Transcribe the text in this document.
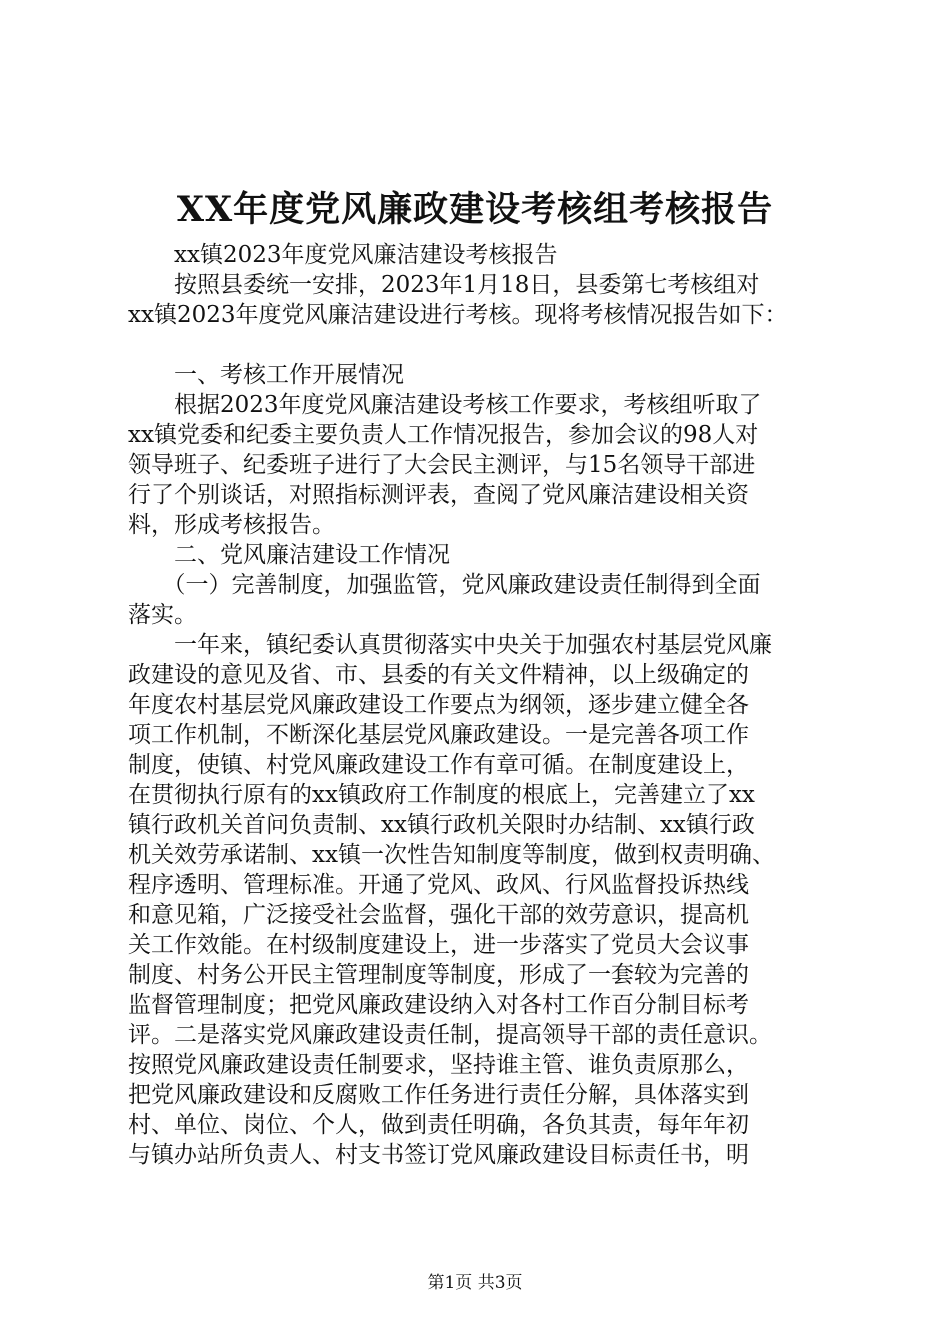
XX年度党风廉政建设考核组考核报告
　　xx镇2023年度党风廉洁建设考核报告
　　按照县委统一安排，2023年1月18日，县委第七考核组对
xx镇2023年度党风廉洁建设进行考核。现将考核情况报告如下：
　　一、考核工作开展情况
　　根据2023年度党风廉洁建设考核工作要求，考核组听取了
xx镇党委和纪委主要负责人工作情况报告，参加会议的98人对
领导班子、纪委班子进行了大会民主测评，与15名领导干部进
行了个别谈话，对照指标测评表，查阅了党风廉洁建设相关资
料，形成考核报告。
　　二、党风廉洁建设工作情况
　　（一）完善制度，加强监管，党风廉政建设责任制得到全面
落实。
　　一年来，镇纪委认真贯彻落实中央关于加强农村基层党风廉
政建设的意见及省、市、县委的有关文件精神，以上级确定的
年度农村基层党风廉政建设工作要点为纲领，逐步建立健全各
项工作机制，不断深化基层党风廉政建设。一是完善各项工作
制度，使镇、村党风廉政建设工作有章可循。在制度建设上，
在贯彻执行原有的xx镇政府工作制度的根底上，完善建立了xx
镇行政机关首问负责制、xx镇行政机关限时办结制、xx镇行政
机关效劳承诺制、xx镇一次性告知制度等制度，做到权责明确、
程序透明、管理标准。开通了党风、政风、行风监督投诉热线
和意见箱，广泛接受社会监督，强化干部的效劳意识，提高机
关工作效能。在村级制度建设上，进一步落实了党员大会议事
制度、村务公开民主管理制度等制度，形成了一套较为完善的
监督管理制度；把党风廉政建设纳入对各村工作百分制目标考
评。二是落实党风廉政建设责任制，提高领导干部的责任意识。
按照党风廉政建设责任制要求，坚持谁主管、谁负责原那么，
把党风廉政建设和反腐败工作任务进行责任分解，具体落实到
村、单位、岗位、个人，做到责任明确，各负其责，每年年初
与镇办站所负责人、村支书签订党风廉政建设目标责任书，明
第1页 共3页
